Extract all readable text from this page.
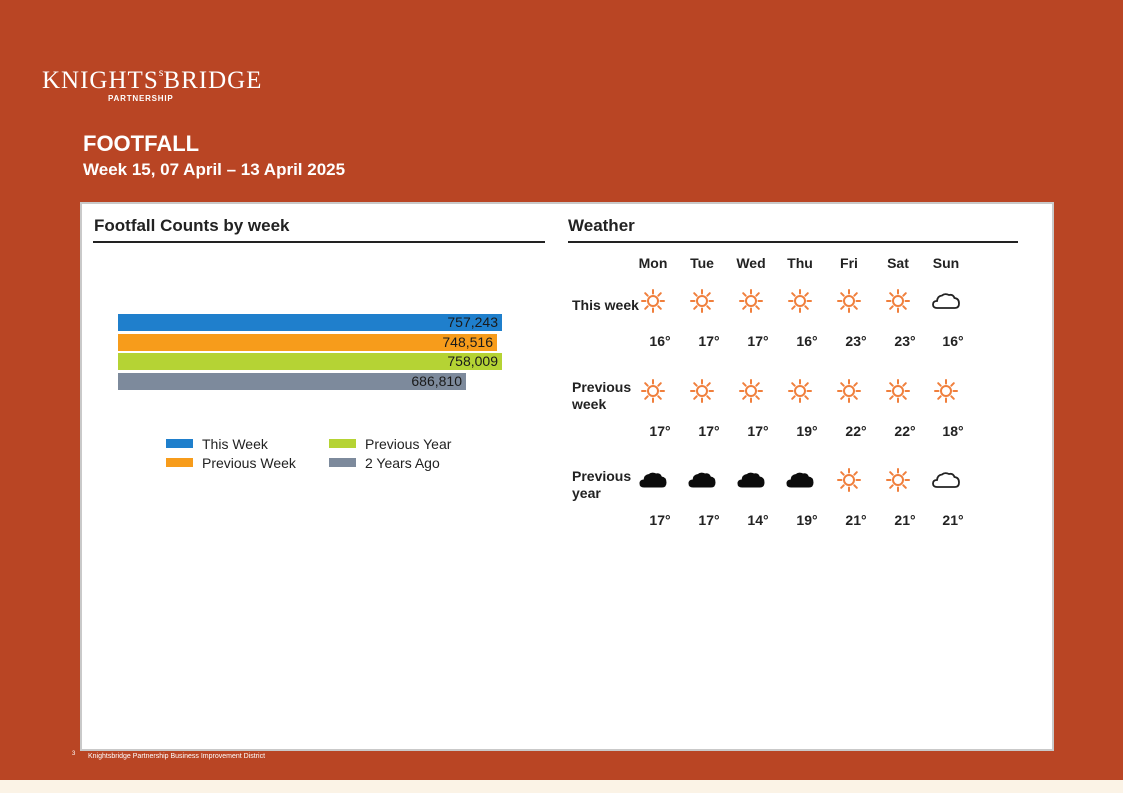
KNIGHTS$^s$BRIDGE
PARTNERSHIP
FOOTFALL
Week 15, 07 April – 13 April 2025
Footfall Counts by week
757,243
748,516
758,009
686,810
This Week	Previous Year
Previous Week	2 Years Ago
Weather
Mon	Tue	Wed	Thu	Fri	Sat	Sun
This week
16°	17°	17°	16°	23°	23°	16°
Previous week
17°	17°	17°	19°	22°	22°	18°
Previous year
17°	17°	14°	19°	21°	21°	21°
3 Knightsbridge Partnership Business Improvement District
